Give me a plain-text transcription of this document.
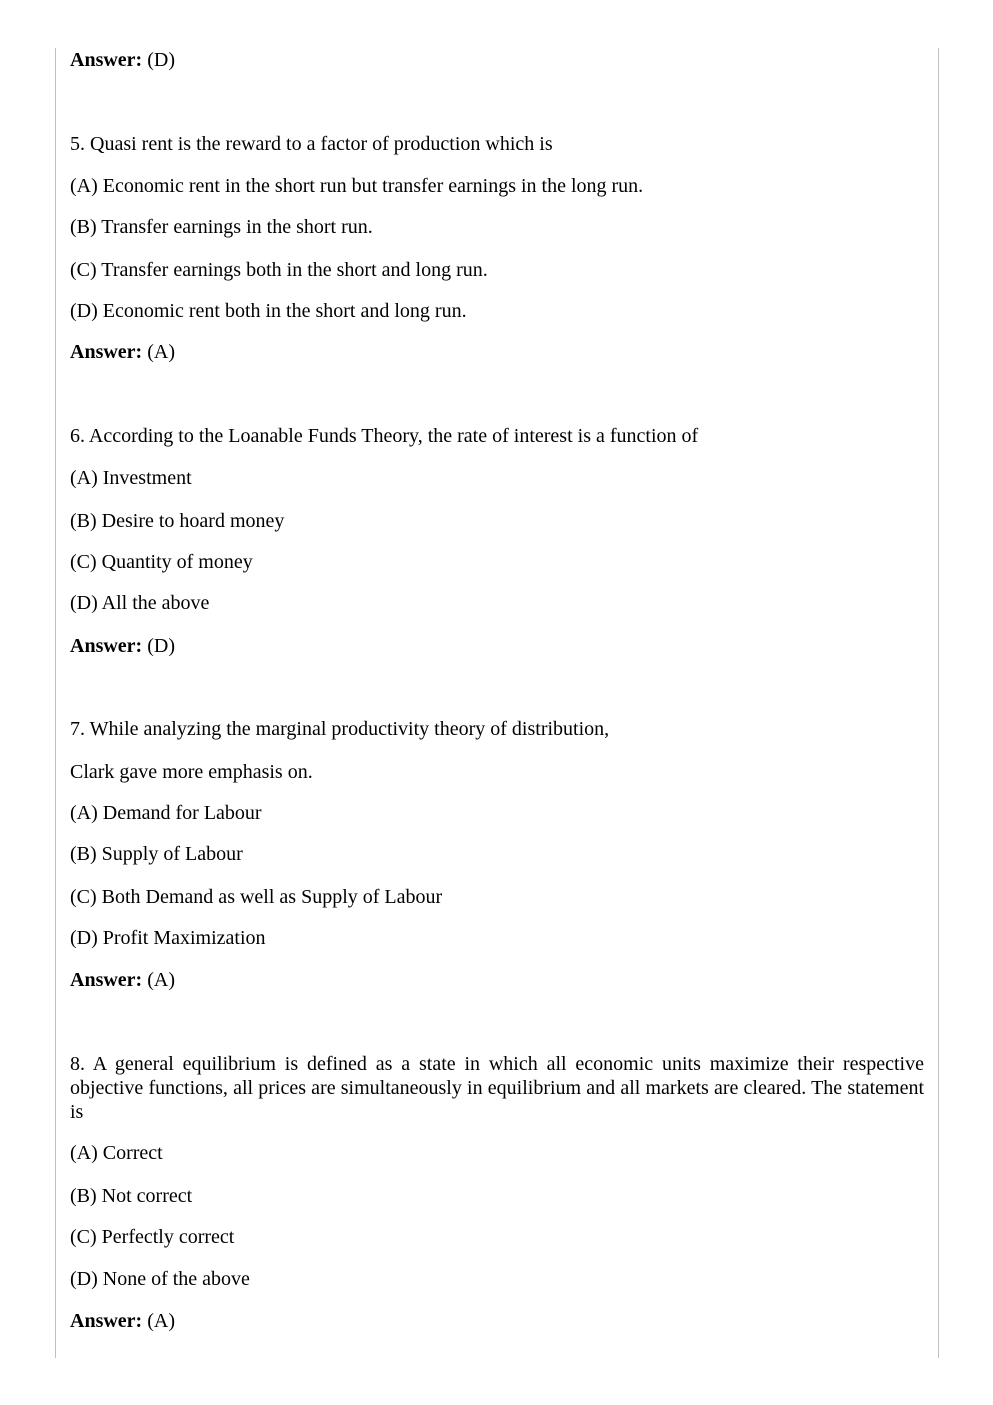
Answer: (D)
5. Quasi rent is the reward to a factor of production which is
(A) Economic rent in the short run but transfer earnings in the long run.
(B) Transfer earnings in the short run.
(C) Transfer earnings both in the short and long run.
(D) Economic rent both in the short and long run.
Answer: (A)
6. According to the Loanable Funds Theory, the rate of interest is a function of
(A) Investment
(B) Desire to hoard money
(C) Quantity of money
(D) All the above
Answer: (D)
7. While analyzing the marginal productivity theory of distribution,
Clark gave more emphasis on.
(A) Demand for Labour
(B) Supply of Labour
(C) Both Demand as well as Supply of Labour
(D) Profit Maximization
Answer: (A)
8. A general equilibrium is defined as a state in which all economic units maximize their respective objective functions, all prices are simultaneously in equilibrium and all markets are cleared. The statement is
(A) Correct
(B) Not correct
(C) Perfectly correct
(D) None of the above
Answer: (A)
